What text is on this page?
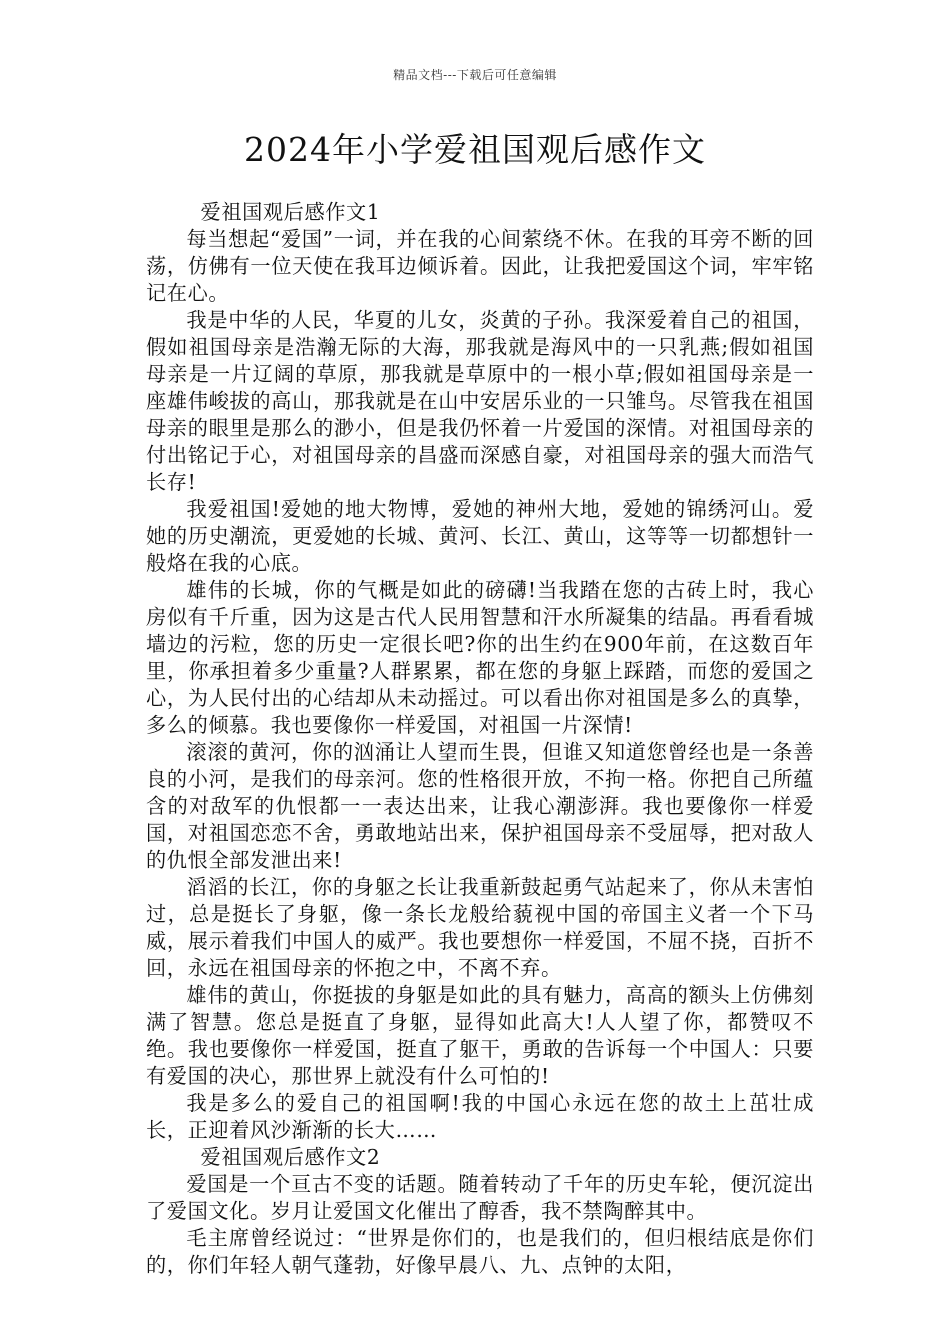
精品文档---下载后可任意编辑
2024年小学爱祖国观后感作文

爱祖国观后感作文1

每当想起“爱国”一词，并在我的心间萦绕不休。在我的耳旁不断的回荡，仿佛有一位天使在我耳边倾诉着。因此，让我把爱国这个词，牢牢铭记在心。

我是中华的人民，华夏的儿女，炎黄的子孙。我深爱着自己的祖国，假如祖国母亲是浩瀚无际的大海，那我就是海风中的一只乳燕;假如祖国母亲是一片辽阔的草原，那我就是草原中的一根小草;假如祖国母亲是一座雄伟峻拔的高山，那我就是在山中安居乐业的一只雏鸟。尽管我在祖国母亲的眼里是那么的渺小，但是我仍怀着一片爱国的深情。对祖国母亲的付出铭记于心，对祖国母亲的昌盛而深感自豪，对祖国母亲的强大而浩气长存!

我爱祖国!爱她的地大物博，爱她的神州大地，爱她的锦绣河山。爱她的历史潮流，更爱她的长城、黄河、长江、黄山，这等等一切都想针一般烙在我的心底。

雄伟的长城，你的气概是如此的磅礴!当我踏在您的古砖上时，我心房似有千斤重，因为这是古代人民用智慧和汗水所凝集的结晶。再看看城墙边的污粒，您的历史一定很长吧?你的出生约在900年前，在这数百年里，你承担着多少重量?人群累累，都在您的身躯上踩踏，而您的爱国之心，为人民付出的心结却从未动摇过。可以看出你对祖国是多么的真挚，多么的倾慕。我也要像你一样爱国，对祖国一片深情!

滚滚的黄河，你的汹涌让人望而生畏，但谁又知道您曾经也是一条善良的小河，是我们的母亲河。您的性格很开放，不拘一格。你把自己所蕴含的对敌军的仇恨都一一表达出来，让我心潮澎湃。我也要像你一样爱国，对祖国恋恋不舍，勇敢地站出来，保护祖国母亲不受屈辱，把对敌人的仇恨全部发泄出来!

滔滔的长江，你的身躯之长让我重新鼓起勇气站起来了，你从未害怕过，总是挺长了身躯，像一条长龙般给藐视中国的帝国主义者一个下马威，展示着我们中国人的威严。我也要想你一样爱国，不屈不挠，百折不回，永远在祖国母亲的怀抱之中，不离不弃。

雄伟的黄山，你挺拔的身躯是如此的具有魅力，高高的额头上仿佛刻满了智慧。您总是挺直了身躯，显得如此高大!人人望了你，都赞叹不绝。我也要像你一样爱国，挺直了躯干，勇敢的告诉每一个中国人：只要有爱国的决心，那世界上就没有什么可怕的!

我是多么的爱自己的祖国啊!我的中国心永远在您的故土上茁壮成长，正迎着风沙渐渐的长大……

爱祖国观后感作文2

爱国是一个亘古不变的话题。随着转动了千年的历史车轮，便沉淀出了爱国文化。岁月让爱国文化催出了醇香，我不禁陶醉其中。

毛主席曾经说过：“世界是你们的，也是我们的，但归根结底是你们的，你们年轻人朝气蓬勃，好像早晨八、九、点钟的太阳，
